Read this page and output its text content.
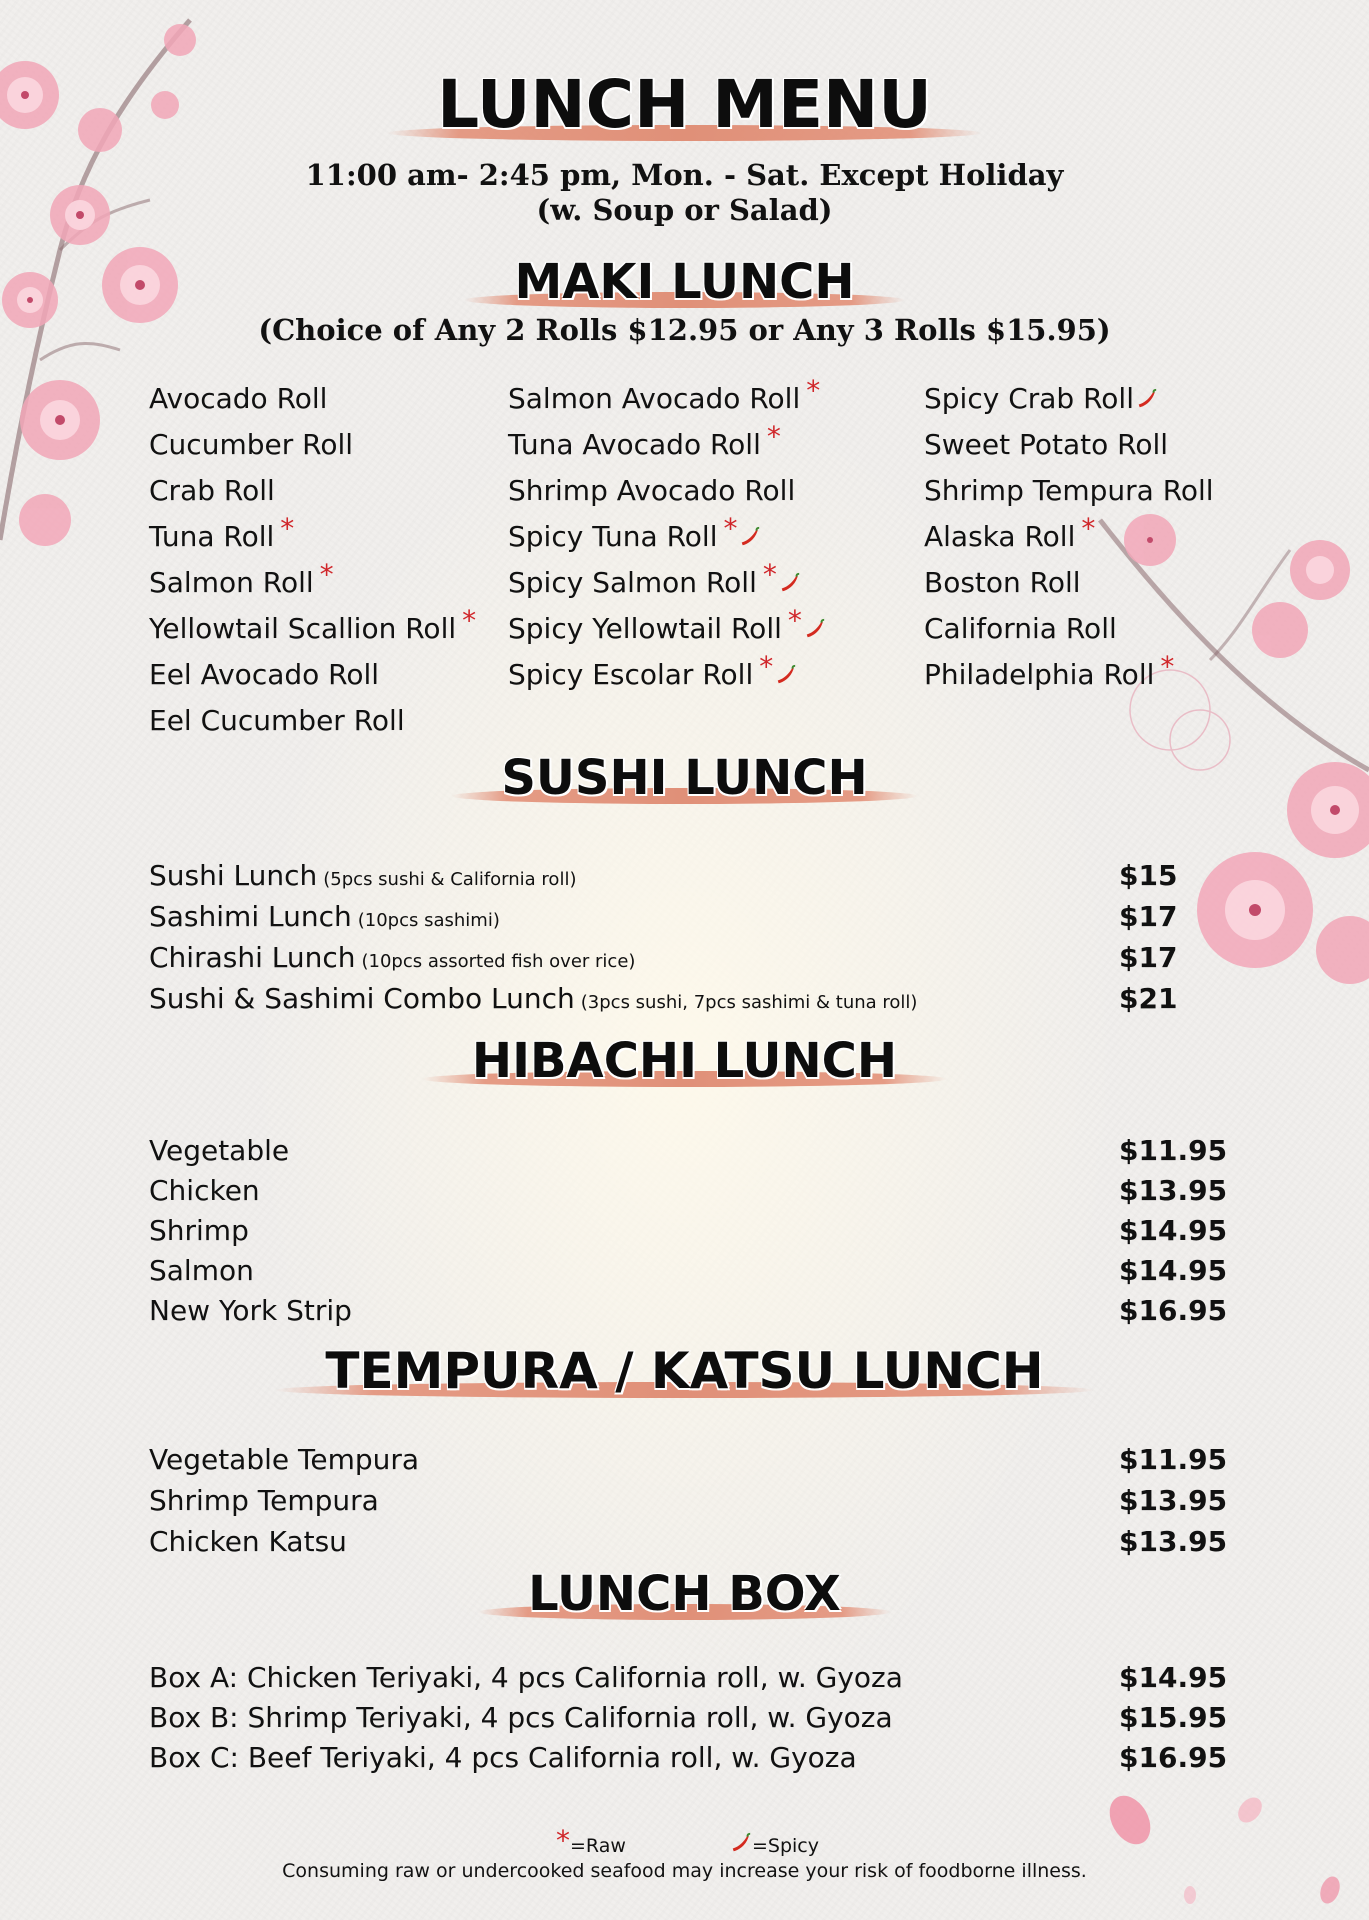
LUNCH MENU
11:00 am- 2:45 pm, Mon. - Sat. Except Holiday
(w. Soup or Salad)
MAKI LUNCH
(Choice of Any 2 Rolls $12.95 or Any 3 Rolls $15.95)
Avocado Roll
Cucumber Roll
Crab Roll
Tuna Roll *
Salmon Roll *
Yellowtail Scallion Roll *
Eel Avocado Roll
Eel Cucumber Roll
Salmon Avocado Roll *
Tuna Avocado Roll *
Shrimp Avocado Roll
Spicy Tuna Roll *
Spicy Salmon Roll *
Spicy Yellowtail Roll *
Spicy Escolar Roll *
Spicy Crab Roll
Sweet Potato Roll
Shrimp Tempura Roll
Alaska Roll *
Boston Roll
California Roll
Philadelphia Roll *
SUSHI LUNCH
Sushi Lunch (5pcs sushi & California roll)	$15
Sashimi Lunch (10pcs sashimi)	$17
Chirashi Lunch (10pcs assorted fish over rice)	$17
Sushi & Sashimi Combo Lunch (3pcs sushi, 7pcs sashimi & tuna roll)	$21
HIBACHI LUNCH
Vegetable	$11.95
Chicken	$13.95
Shrimp	$14.95
Salmon	$14.95
New York Strip	$16.95
TEMPURA / KATSU LUNCH
Vegetable Tempura	$11.95
Shrimp Tempura	$13.95
Chicken Katsu	$13.95
LUNCH BOX
Box A: Chicken Teriyaki, 4 pcs California roll, w. Gyoza	$14.95
Box B: Shrimp Teriyaki, 4 pcs California roll, w. Gyoza	$15.95
Box C: Beef Teriyaki, 4 pcs California roll, w. Gyoza	$16.95
*=Raw	=Spicy
Consuming raw or undercooked seafood may increase your risk of foodborne illness.
